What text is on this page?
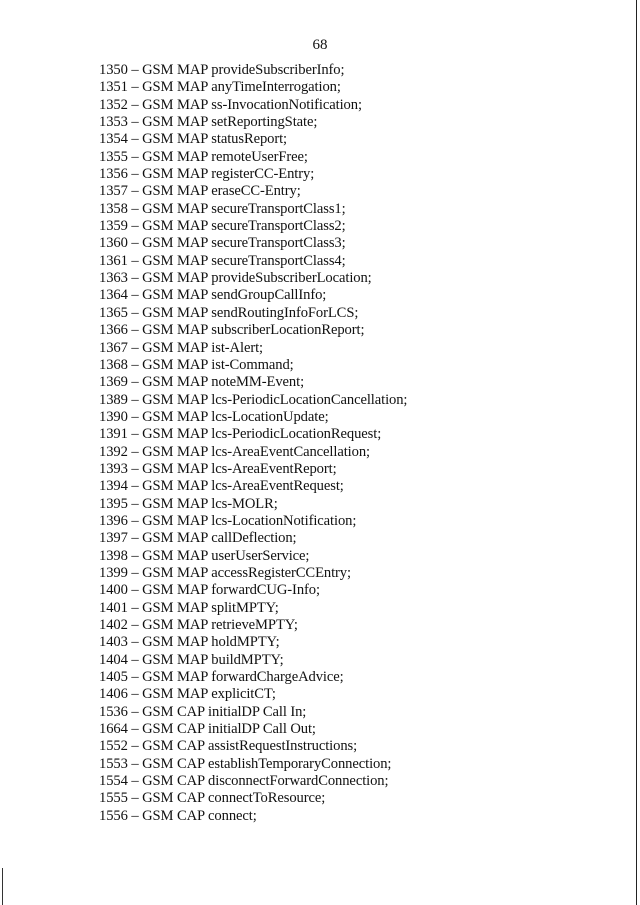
68
1350 – GSM MAP provideSubscriberInfo;
1351 – GSM MAP anyTimeInterrogation;
1352 – GSM MAP ss-InvocationNotification;
1353 – GSM MAP setReportingState;
1354 – GSM MAP statusReport;
1355 – GSM MAP remoteUserFree;
1356 – GSM MAP registerCC-Entry;
1357 – GSM MAP eraseCC-Entry;
1358 – GSM MAP secureTransportClass1;
1359 – GSM MAP secureTransportClass2;
1360 – GSM MAP secureTransportClass3;
1361 – GSM MAP secureTransportClass4;
1363 – GSM MAP provideSubscriberLocation;
1364 – GSM MAP sendGroupCallInfo;
1365 – GSM MAP sendRoutingInfoForLCS;
1366 – GSM MAP subscriberLocationReport;
1367 – GSM MAP ist-Alert;
1368 – GSM MAP ist-Command;
1369 – GSM MAP noteMM-Event;
1389 – GSM MAP lcs-PeriodicLocationCancellation;
1390 – GSM MAP lcs-LocationUpdate;
1391 – GSM MAP lcs-PeriodicLocationRequest;
1392 – GSM MAP lcs-AreaEventCancellation;
1393 – GSM MAP lcs-AreaEventReport;
1394 – GSM MAP lcs-AreaEventRequest;
1395 – GSM MAP lcs-MOLR;
1396 – GSM MAP lcs-LocationNotification;
1397 – GSM MAP callDeflection;
1398 – GSM MAP userUserService;
1399 – GSM MAP accessRegisterCCEntry;
1400 – GSM MAP forwardCUG-Info;
1401 – GSM MAP splitMPTY;
1402 – GSM MAP retrieveMPTY;
1403 – GSM MAP holdMPTY;
1404 – GSM MAP buildMPTY;
1405 – GSM MAP forwardChargeAdvice;
1406 – GSM MAP explicitCT;
1536 – GSM CAP initialDP Call In;
1664 – GSM CAP initialDP Call Out;
1552 – GSM CAP assistRequestInstructions;
1553 – GSM CAP establishTemporaryConnection;
1554 – GSM CAP disconnectForwardConnection;
1555 – GSM CAP connectToResource;
1556 – GSM CAP connect;
